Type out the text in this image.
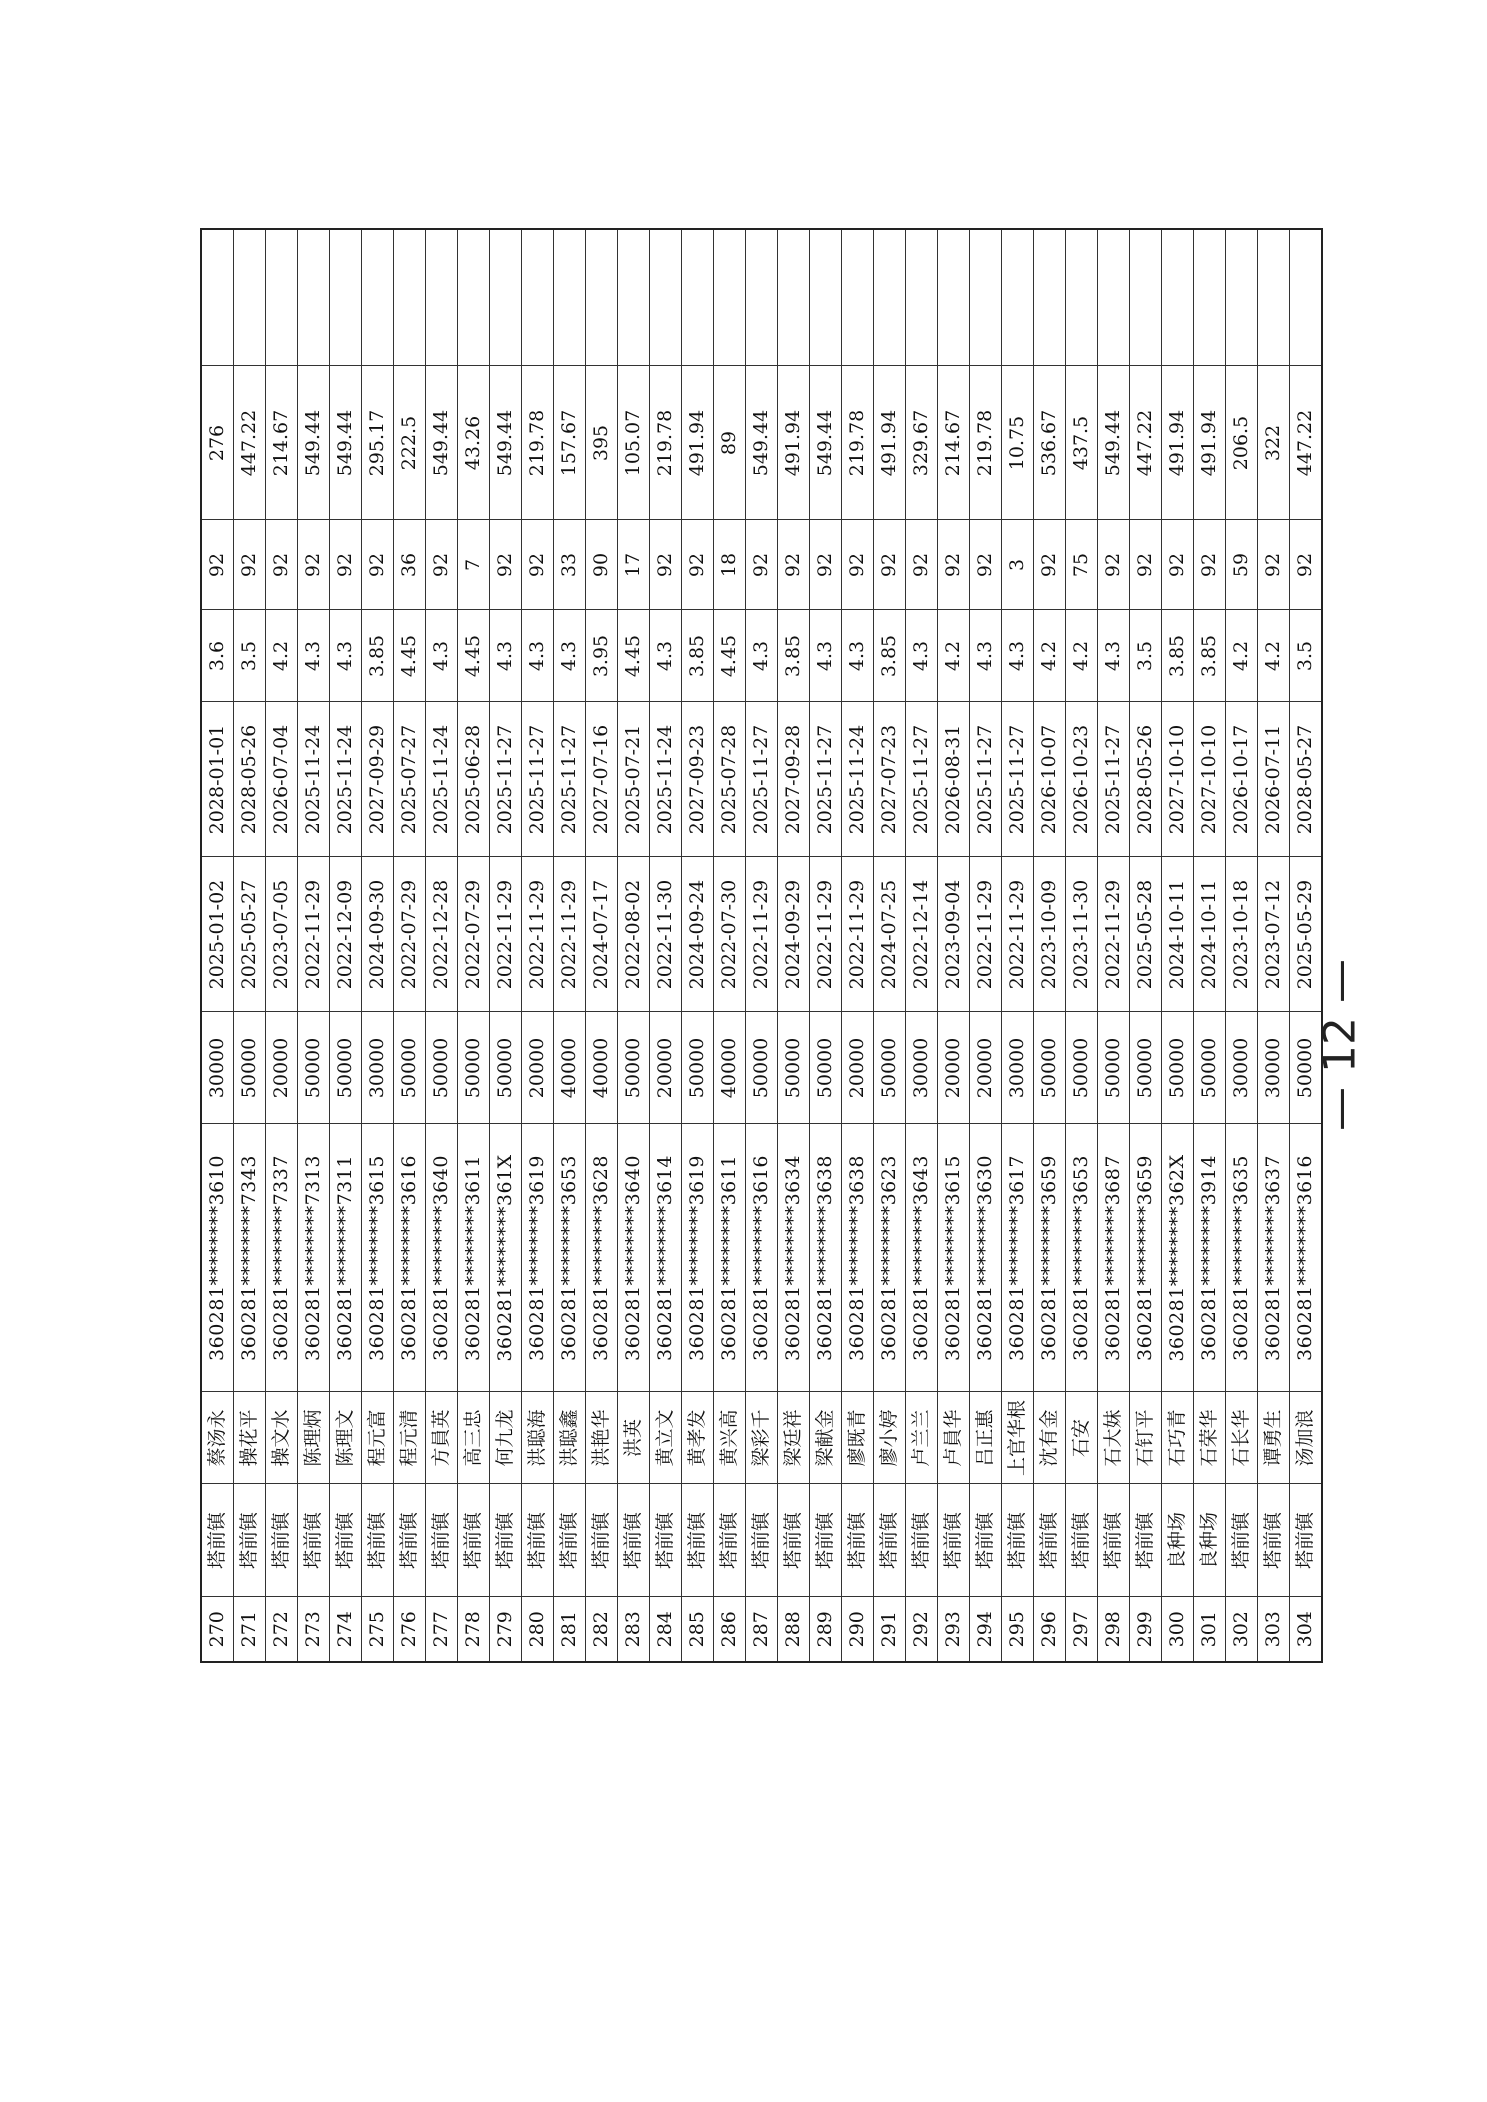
270	塔前镇	蔡汤永	360281********3610	30000	2025-01-02	2028-01-01	3.6	92	276	
271	塔前镇	操花平	360281********7343	50000	2025-05-27	2028-05-26	3.5	92	447.22	
272	塔前镇	操文水	360281********7337	20000	2023-07-05	2026-07-04	4.2	92	214.67	
273	塔前镇	陈理炳	360281********7313	50000	2022-11-29	2025-11-24	4.3	92	549.44	
274	塔前镇	陈理文	360281********7311	50000	2022-12-09	2025-11-24	4.3	92	549.44	
275	塔前镇	程元富	360281********3615	30000	2024-09-30	2027-09-29	3.85	92	295.17	
276	塔前镇	程元清	360281********3616	50000	2022-07-29	2025-07-27	4.45	36	222.5	
277	塔前镇	方員英	360281********3640	50000	2022-12-28	2025-11-24	4.3	92	549.44	
278	塔前镇	高三忠	360281********3611	50000	2022-07-29	2025-06-28	4.45	7	43.26	
279	塔前镇	何九龙	360281********361X	50000	2022-11-29	2025-11-27	4.3	92	549.44	
280	塔前镇	洪聪海	360281********3619	20000	2022-11-29	2025-11-27	4.3	92	219.78	
281	塔前镇	洪聪鑫	360281********3653	40000	2022-11-29	2025-11-27	4.3	33	157.67	
282	塔前镇	洪艳华	360281********3628	40000	2024-07-17	2027-07-16	3.95	90	395	
283	塔前镇	洪英	360281********3640	50000	2022-08-02	2025-07-21	4.45	17	105.07	
284	塔前镇	黄立文	360281********3614	20000	2022-11-30	2025-11-24	4.3	92	219.78	
285	塔前镇	黄孝发	360281********3619	50000	2024-09-24	2027-09-23	3.85	92	491.94	
286	塔前镇	黄兴高	360281********3611	40000	2022-07-30	2025-07-28	4.45	18	89	
287	塔前镇	梁彩千	360281********3616	50000	2022-11-29	2025-11-27	4.3	92	549.44	
288	塔前镇	梁廷祥	360281********3634	50000	2024-09-29	2027-09-28	3.85	92	491.94	
289	塔前镇	梁献金	360281********3638	50000	2022-11-29	2025-11-27	4.3	92	549.44	
290	塔前镇	廖既青	360281********3638	20000	2022-11-29	2025-11-24	4.3	92	219.78	
291	塔前镇	廖小婷	360281********3623	50000	2024-07-25	2027-07-23	3.85	92	491.94	
292	塔前镇	卢兰兰	360281********3643	30000	2022-12-14	2025-11-27	4.3	92	329.67	
293	塔前镇	卢員华	360281********3615	20000	2023-09-04	2026-08-31	4.2	92	214.67	
294	塔前镇	吕正惠	360281********3630	20000	2022-11-29	2025-11-27	4.3	92	219.78	
295	塔前镇	上官华根	360281********3617	30000	2022-11-29	2025-11-27	4.3	3	10.75	
296	塔前镇	沈有金	360281********3659	50000	2023-10-09	2026-10-07	4.2	92	536.67	
297	塔前镇	石安	360281********3653	50000	2023-11-30	2026-10-23	4.2	75	437.5	
298	塔前镇	石大妹	360281********3687	50000	2022-11-29	2025-11-27	4.3	92	549.44	
299	塔前镇	石钉平	360281********3659	50000	2025-05-28	2028-05-26	3.5	92	447.22	
300	良种场	石巧青	360281********362X	50000	2024-10-11	2027-10-10	3.85	92	491.94	
301	良种场	石荣华	360281********3914	50000	2024-10-11	2027-10-10	3.85	92	491.94	
302	塔前镇	石长华	360281********3635	30000	2023-10-18	2026-10-17	4.2	59	206.5	
303	塔前镇	谭勇生	360281********3637	30000	2023-07-12	2026-07-11	4.2	92	322	
304	塔前镇	汤加浪	360281********3616	50000	2025-05-29	2028-05-27	3.5	92	447.22	
— 12 —
